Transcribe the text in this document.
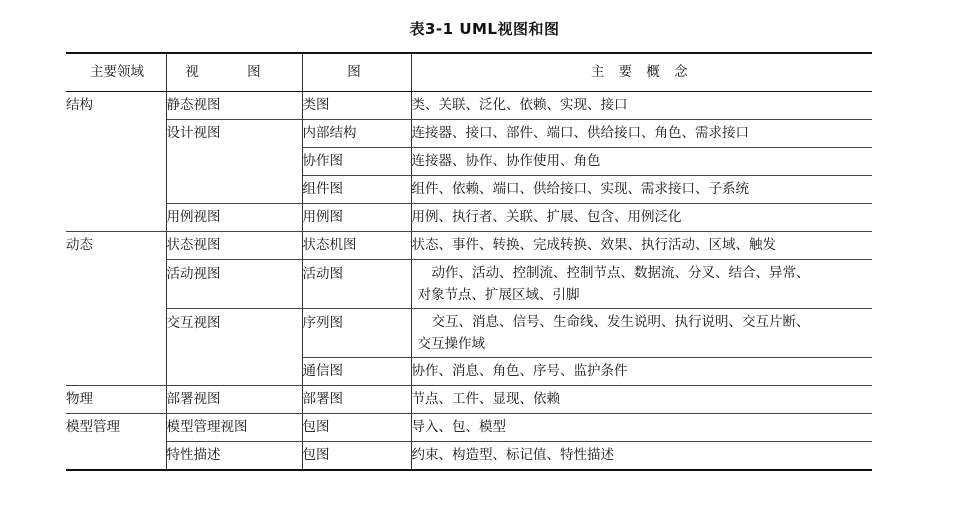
表3-1 UML视图和图
主要领域	视 图	图	主 要 概 念
结构	静态视图	类图	类、关联、泛化、依赖、实现、接口
	设计视图	内部结构	连接器、接口、部件、端口、供给接口、角色、需求接口
		协作图	连接器、协作、协作使用、角色
		组件图	组件、依赖、端口、供给接口、实现、需求接口、子系统
	用例视图	用例图	用例、执行者、关联、扩展、包含、用例泛化
动态	状态视图	状态机图	状态、事件、转换、完成转换、效果、执行活动、区域、触发
	活动视图	活动图	动作、活动、控制流、控制节点、数据流、分叉、结合、异常、
对象节点、扩展区域、引脚

	交互视图	序列图	交互、消息、信号、生命线、发生说明、执行说明、交互片断、
交互操作域

		通信图	协作、消息、角色、序号、监护条件
物理	部署视图	部署图	节点、工件、显现、依赖
模型管理	模型管理视图	包图	导入、包、模型
	特性描述	包图	约束、构造型、标记值、特性描述
